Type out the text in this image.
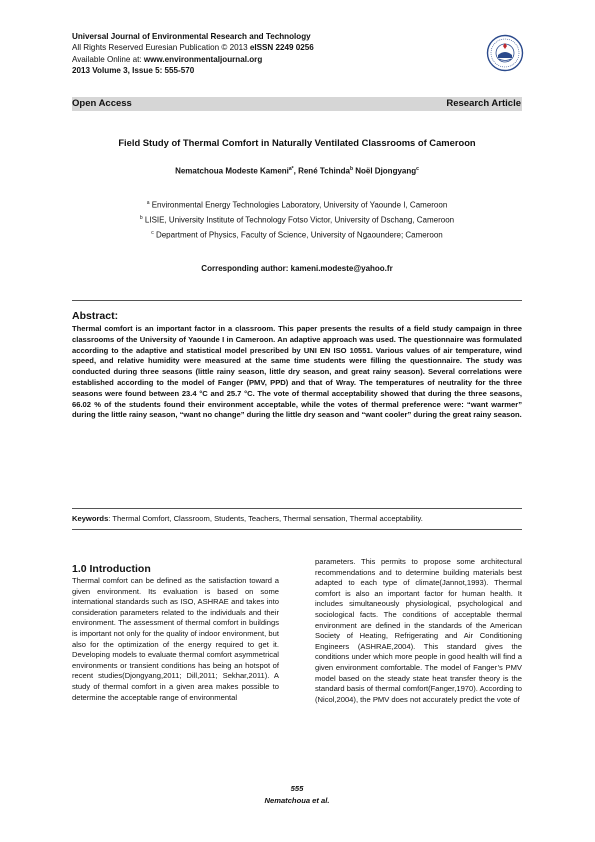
Universal Journal of Environmental Research and Technology
All Rights Reserved Euresian Publication © 2013 eISSN 2249 0256
Available Online at: www.environmentaljournal.org
2013 Volume 3, Issue 5: 555-570
Open Access	Research Article
Field Study of Thermal Comfort in Naturally Ventilated Classrooms of Cameroon
Nematchoua Modeste Kameni$^{a*}$, René Tchinda$^b$ Noël Djongyang$^c$
$^a$ Environmental Energy Technologies Laboratory, University of Yaounde I, Cameroon
$^b$ LISIE, University Institute of Technology Fotso Victor, University of Dschang, Cameroon
$^c$ Department of Physics, Faculty of Science, University of Ngaoundere; Cameroon
Corresponding author: kameni.modeste@yahoo.fr
Abstract:
Thermal comfort is an important factor in a classroom. This paper presents the results of a field study campaign in three classrooms of the University of Yaounde I in Cameroon. An adaptive approach was used. The questionnaire was formulated according to the adaptive and statistical model prescribed by UNI EN ISO 10551. Various values of air temperature, wind speed, and relative humidity were measured at the same time students were filling the questionnaire. The study was conducted during three seasons (little rainy season, little dry season, and great rainy season). Several correlations were established according to the model of Fanger (PMV, PPD) and that of Wray. The temperatures of neutrality for the three seasons were found between 23.4 °C and 25.7 °C. The vote of thermal acceptability showed that during the three seasons, 66.02 % of the students found their environment acceptable, while the votes of thermal preference were: “want warmer” during the little rainy season, “want no change” during the little dry season and “want cooler” during the great rainy season.
Keywords: Thermal Comfort, Classroom, Students, Teachers, Thermal sensation, Thermal acceptability.
1.0 Introduction
Thermal comfort can be defined as the satisfaction toward a given environment. Its evaluation is based on some international standards such as ISO, ASHRAE and takes into consideration parameters related to the individuals and their environment. The assessment of thermal comfort in buildings is important not only for the quality of indoor environment, but also for the optimization of the energy required to get it. Developing models to evaluate thermal comfort asymmetrical environments or transient conditions has being an hotspot of recent studies(Djongyang,2011; Dill,2011; Sekhar,2011). A study of thermal comfort in a given area makes possible to determine the acceptable range of environmental
parameters. This permits to propose some architectural recommendations and to determine building materials best adapted to each type of climate(Jannot,1993). Thermal comfort is also an important factor for human health. It includes simultaneously physiological, psychological and sociological facts. The conditions of acceptable thermal environment are defined in the standards of the American Society of Heating, Refrigerating and Air Conditioning Engineers (ASHRAE,2004). This standard gives the conditions under which more people in good health will find a given environment comfortable. The model of Fanger’s PMV model based on the steady state heat transfer theory is the standard basis of thermal comfort(Fanger,1970). According to (Nicol,2004), the PMV does not accurately predict the vote of
555
Nematchoua et al.
